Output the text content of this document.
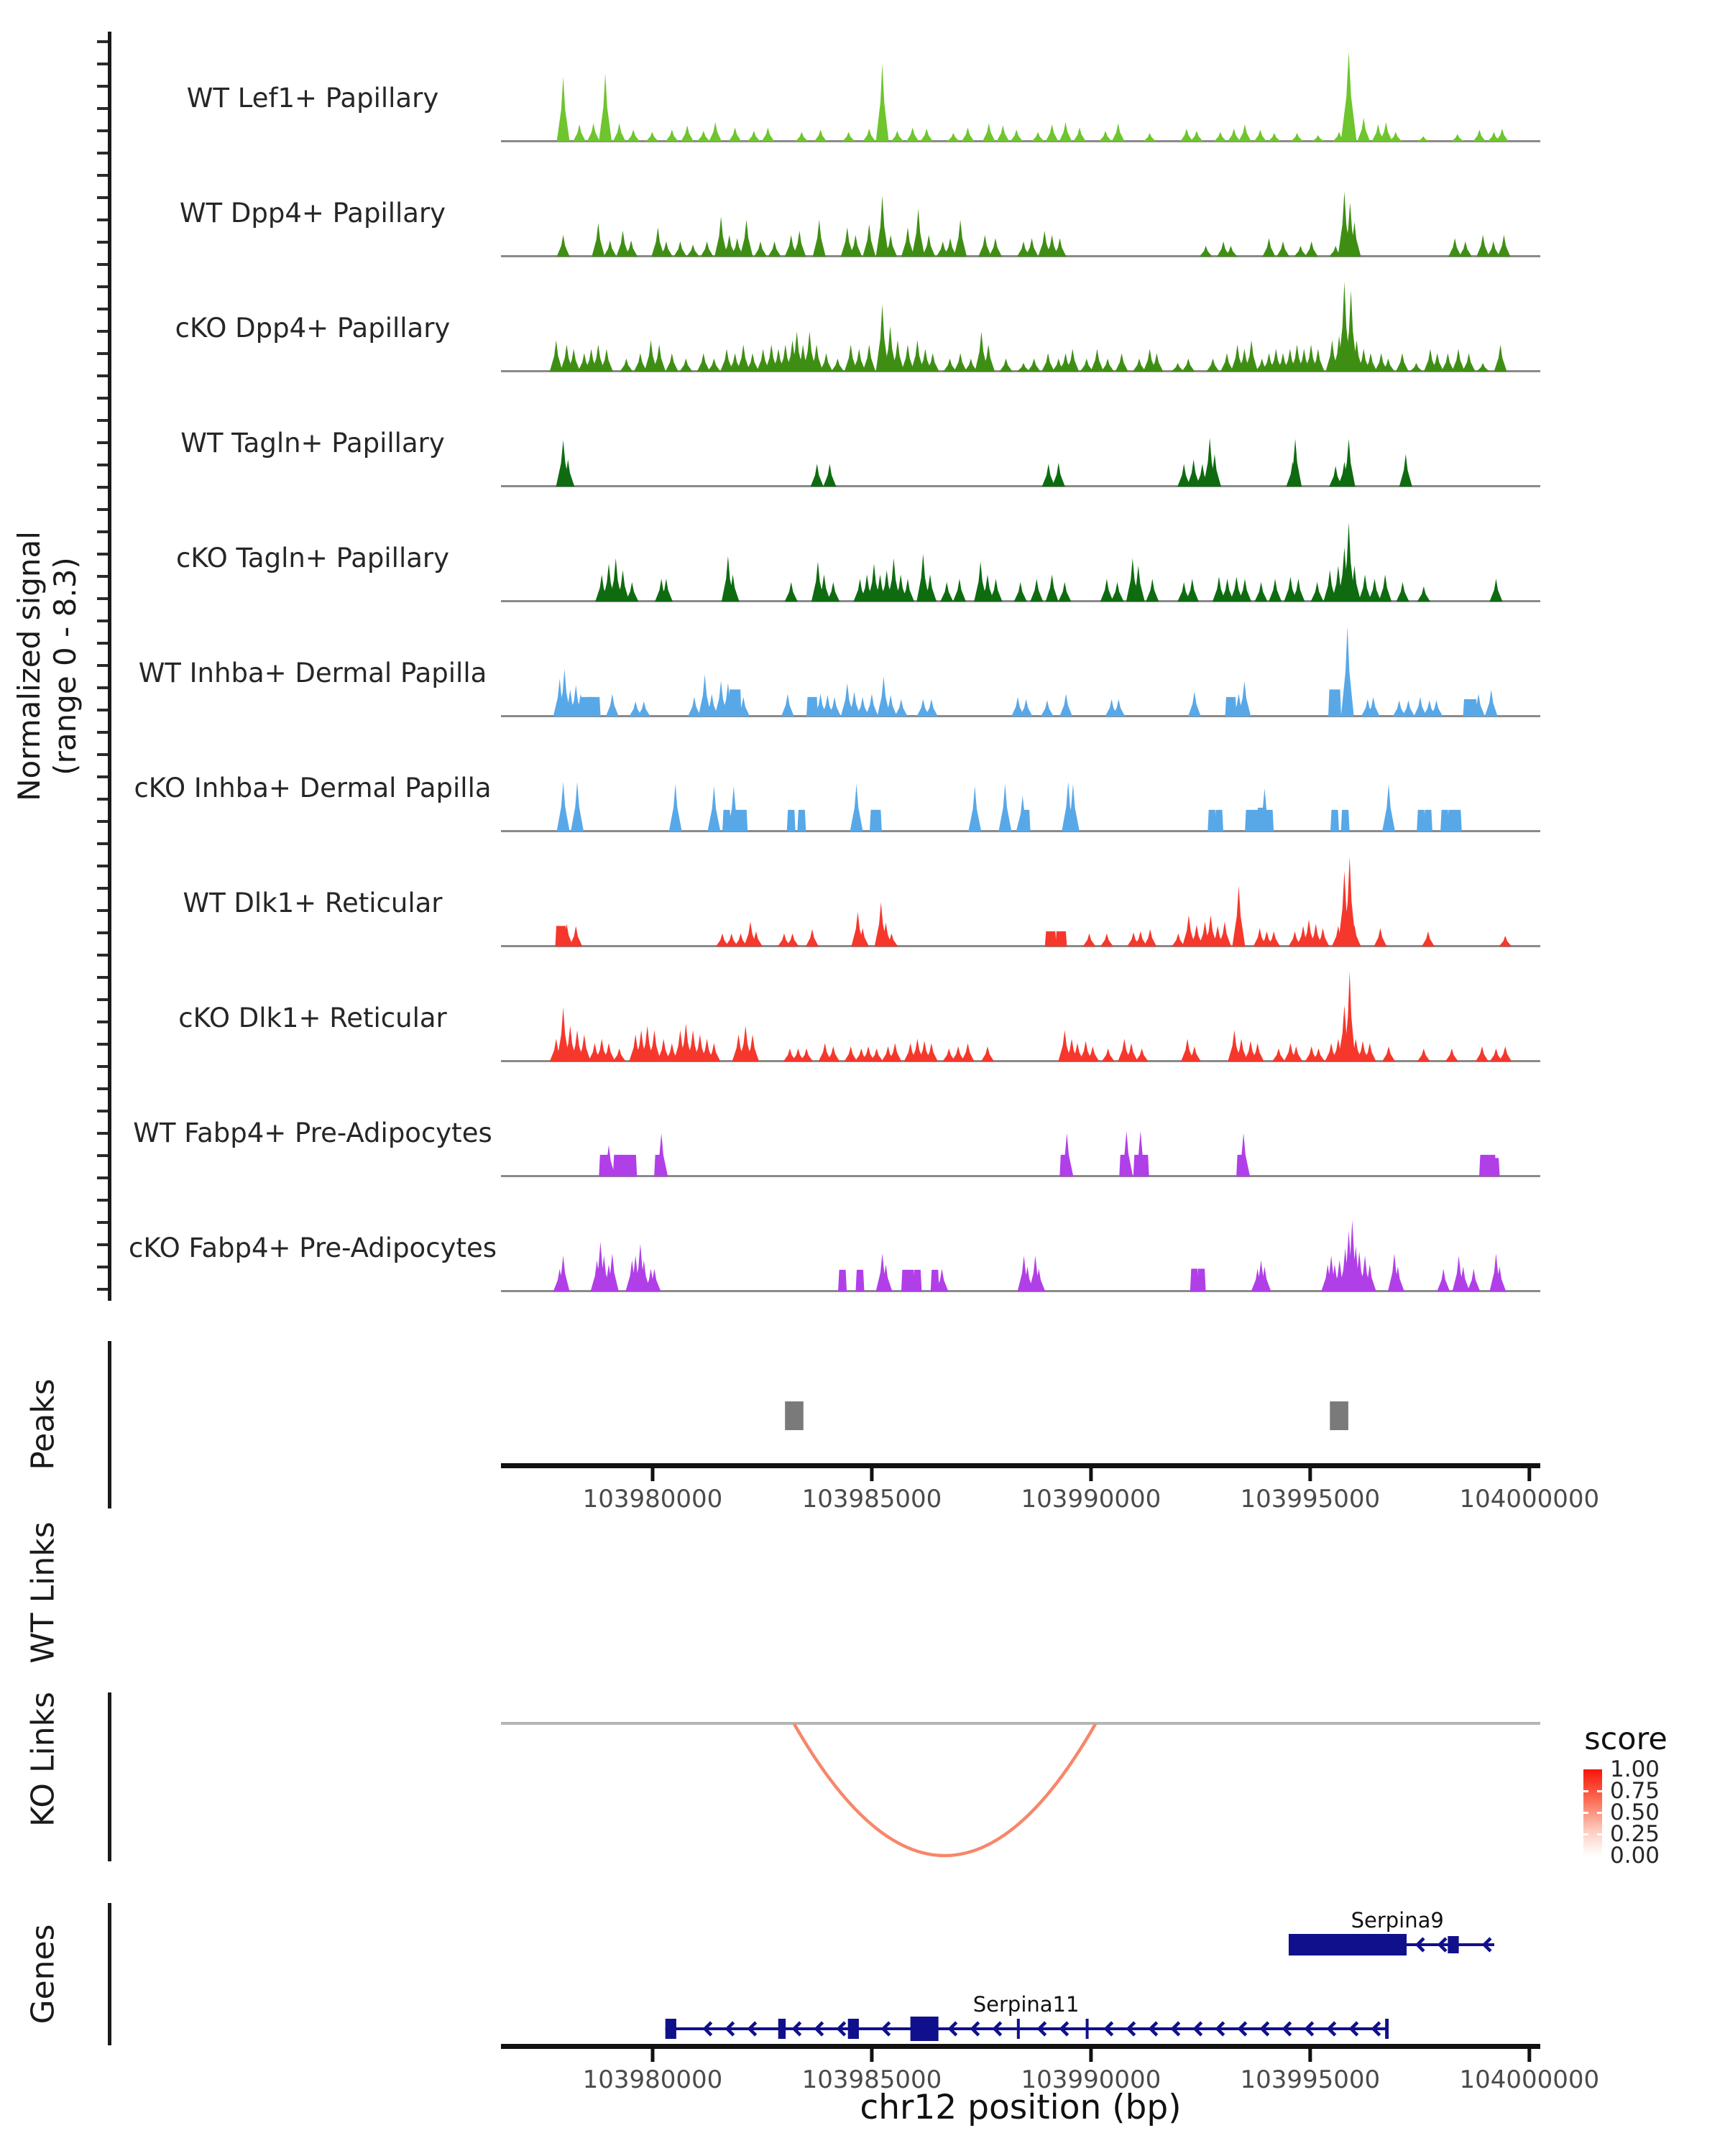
Normalized signal (range 0 - 8.3)
Peaks
WT Links
KO Links
Genes
score
1.00
0.75
0.50
0.25
0.00
chr12 position (bp)
WT Lef1+ Papillary
WT Dpp4+ Papillary
cKO Dpp4+ Papillary
WT Tagln+ Papillary
cKO Tagln+ Papillary
WT Inhba+ Dermal Papilla
cKO Inhba+ Dermal Papilla
WT Dlk1+ Reticular
cKO Dlk1+ Reticular
WT Fabp4+ Pre-Adipocytes
cKO Fabp4+ Pre-Adipocytes
103980000	103985000	103990000	103995000	104000000
103980000	103985000	103990000	103995000	104000000
Serpina9
Serpina11
